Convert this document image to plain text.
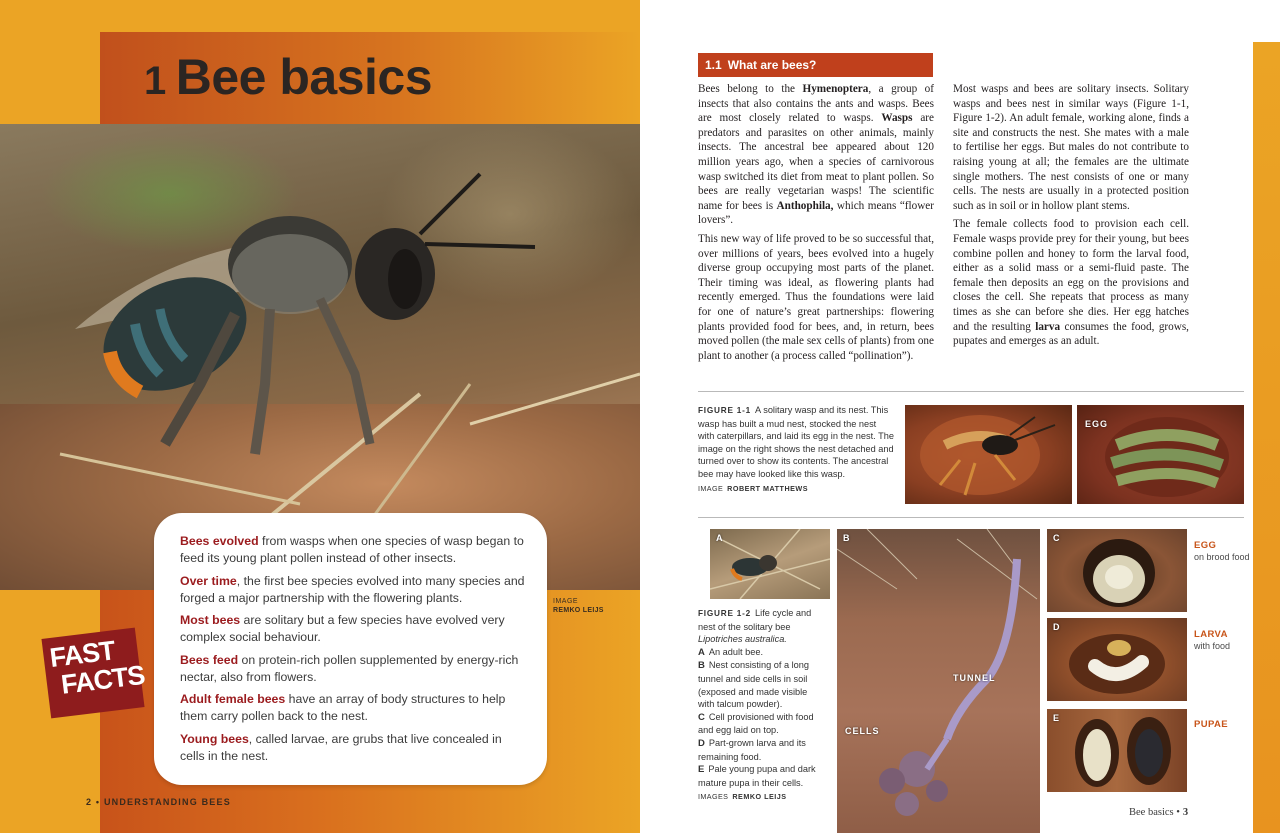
1 Bee basics
IMAGE
REMKO LEIJS

Bees evolved from wasps when one species of wasp began to feed its young plant pollen instead of other insects.

Over time, the first bee species evolved into many species and forged a major partnership with the flowering plants.

Most bees are solitary but a few species have evolved very complex social behaviour.

Bees feed on protein-rich pollen supplemented by energy-rich nectar, also from flowers.

Adult female bees have an array of body structures to help them carry pollen back to the nest.

Young bees, called larvae, are grubs that live concealed in cells in the nest.

FAST
FACTS
2 • UNDERSTANDING BEES
1.1 What are bees?

Bees belong to the Hymenoptera, a group of insects that also contains the ants and wasps. Bees are most closely related to wasps. Wasps are predators and parasites on other animals, mainly insects. The ancestral bee appeared about 120 million years ago, when a species of carnivorous wasp switched its diet from meat to plant pollen. So bees are really vegetarian wasps! The scientific name for bees is Anthophila, which means “flower lovers”.

This new way of life proved to be so successful that, over millions of years, bees evolved into a hugely diverse group occupying most parts of the planet. Their timing was ideal, as flowering plants had recently emerged. Thus the foundations were laid for one of nature’s great partnerships: flowering plants provided food for bees, and, in return, bees moved pollen (the male sex cells of plants) from one plant to another (a process called “pollination”).

Most wasps and bees are solitary insects. Solitary wasps and bees nest in similar ways (Figure 1-1, Figure 1-2). An adult female, working alone, finds a site and constructs the nest. She mates with a male to fertilise her eggs. But males do not contribute to raising young at all; the females are the ultimate single mothers. The nest consists of one or many cells. The nests are usually in a protected position such as in soil or in hollow plant stems.

The female collects food to provision each cell. Female wasps provide prey for their young, but bees combine pollen and honey to form the larval food, either as a solid mass or a semi-fluid paste. The female then deposits an egg on the provisions and closes the cell. She repeats that process as many times as she can before she dies. Her egg hatches and the resulting larva consumes the food, grows, pupates and emerges as an adult.

FIGURE 1-1 A solitary wasp and its nest. This wasp has built a mud nest, stocked the nest with caterpillars, and laid its egg in the nest. The image on the right shows the nest detached and turned over to show its contents. The ancestral bee may have looked like this wasp.
IMAGE ROBERT MATTHEWS
EGG
A
FIGURE 1-2 Life cycle and nest of the solitary bee Lipotriches australica.
A An adult bee.
B Nest consisting of a long tunnel and side cells in soil (exposed and made visible with talcum powder).
C Cell provisioned with food and egg laid on top.
D Part-grown larva and its remaining food.
E Pale young pupa and dark mature pupa in their cells.
IMAGES REMKO LEIJS
B
TUNNEL
CELLS
C
D
E
EGG
on brood food
LARVA
with food
PUPAE
Bee basics • 3
